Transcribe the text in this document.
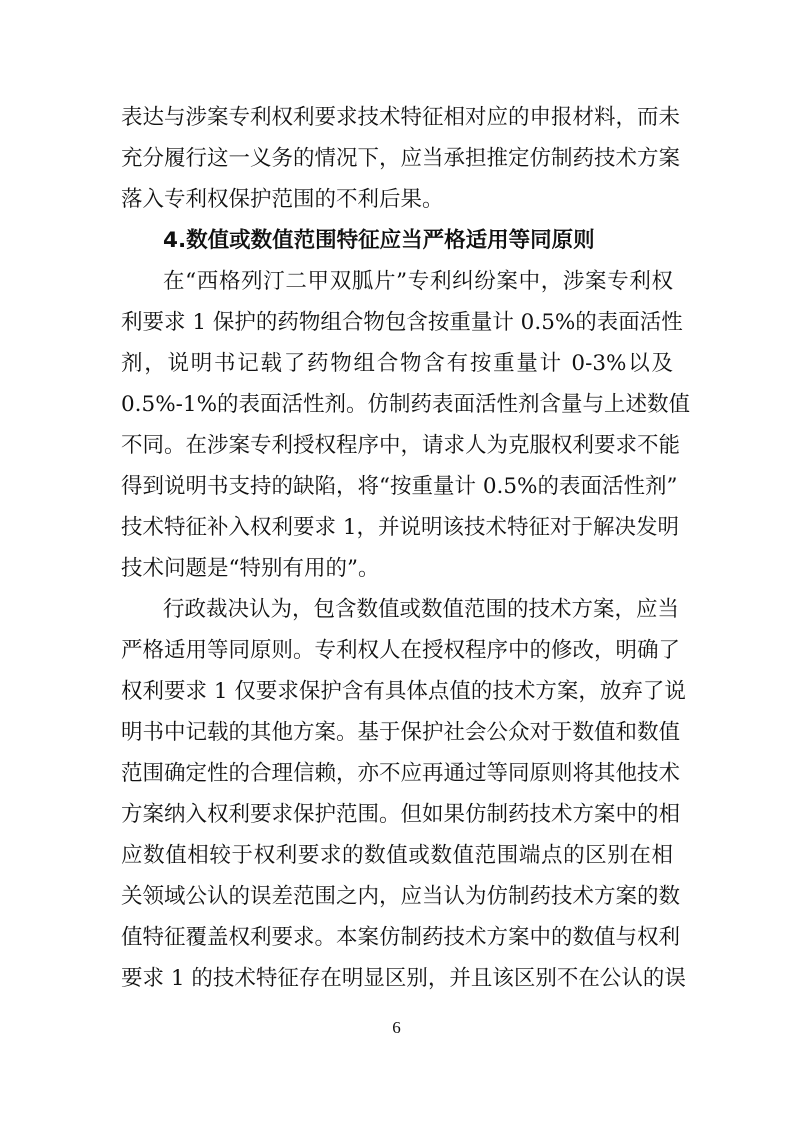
表达与涉案专利权利要求技术特征相对应的申报材料，而未
充分履行这一义务的情况下，应当承担推定仿制药技术方案
落入专利权保护范围的不利后果。
4.数值或数值范围特征应当严格适用等同原则
在“西格列汀二甲双胍片”专利纠纷案中，涉案专利权
利要求 1 保护的药物组合物包含按重量计 0.5%的表面活性
剂，说明书记载了药物组合物含有按重量计 0-3%以及
0.5%-1%的表面活性剂。仿制药表面活性剂含量与上述数值
不同。在涉案专利授权程序中，请求人为克服权利要求不能
得到说明书支持的缺陷，将“按重量计 0.5%的表面活性剂”
技术特征补入权利要求 1，并说明该技术特征对于解决发明
技术问题是“特别有用的”。
行政裁决认为，包含数值或数值范围的技术方案，应当
严格适用等同原则。专利权人在授权程序中的修改，明确了
权利要求 1 仅要求保护含有具体点值的技术方案，放弃了说
明书中记载的其他方案。基于保护社会公众对于数值和数值
范围确定性的合理信赖，亦不应再通过等同原则将其他技术
方案纳入权利要求保护范围。但如果仿制药技术方案中的相
应数值相较于权利要求的数值或数值范围端点的区别在相
关领域公认的误差范围之内，应当认为仿制药技术方案的数
值特征覆盖权利要求。本案仿制药技术方案中的数值与权利
要求 1 的技术特征存在明显区别，并且该区别不在公认的误
6
